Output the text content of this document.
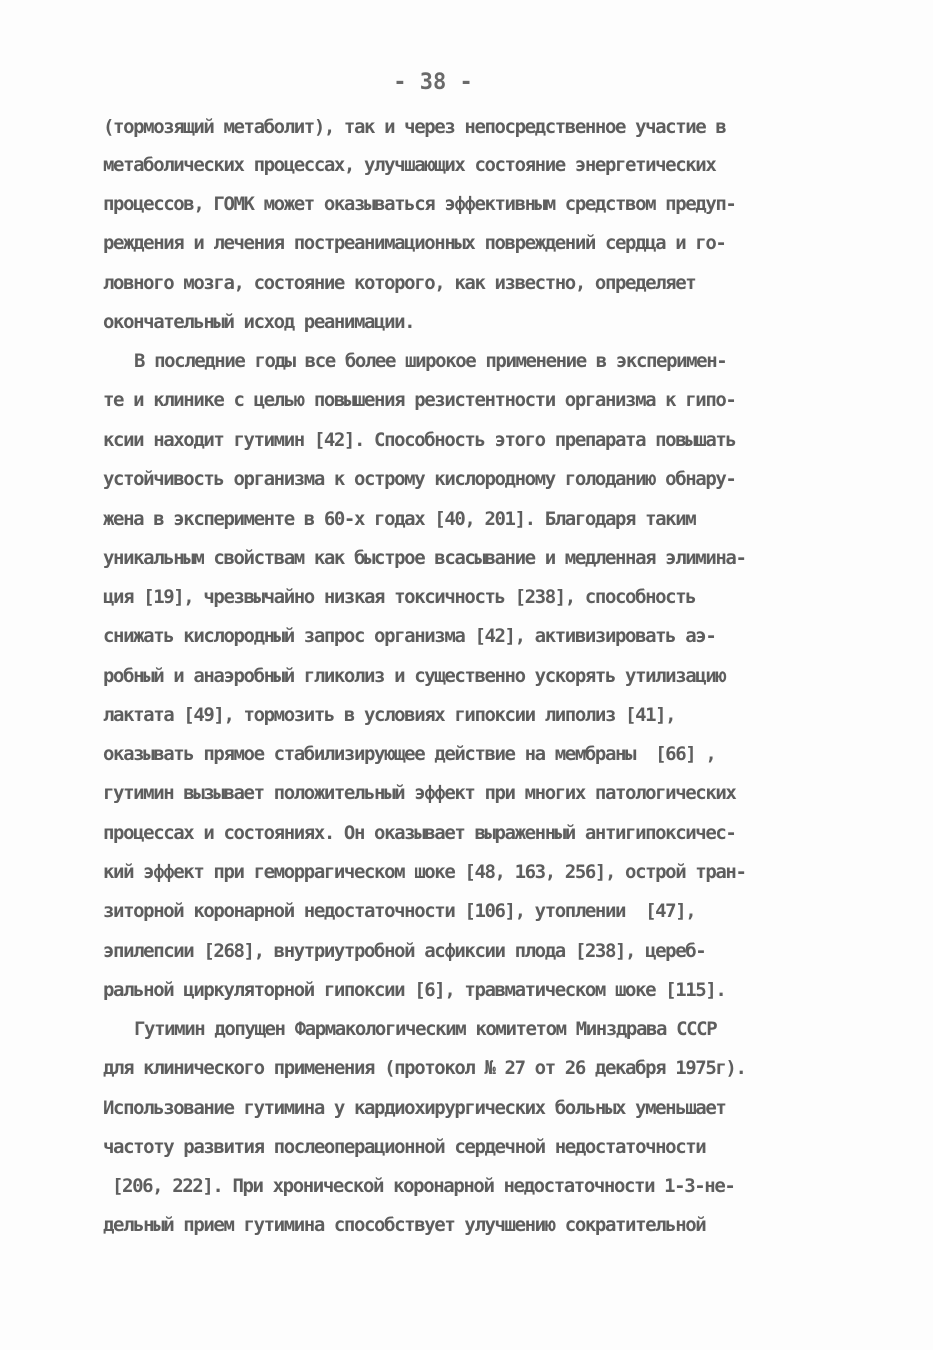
- 38 -
(тормозящий метаболит), так и через непосредственное участие в
метаболических процессах, улучшающих состояние энергетических
процессов, ГОМК может оказываться эффективным средством предуп-
реждения и лечения постреанимационных повреждений сердца и го-
ловного мозга, состояние которого, как известно, определяет
окончательный исход реанимации.
В последние годы все более широкое применение в эксперимен-
те и клинике с целью повышения резистентности организма к гипо-
ксии находит гутимин [42]. Способность этого препарата повышать
устойчивость организма к острому кислородному голоданию обнару-
жена в эксперименте в 60-х годах [40, 201]. Благодаря таким
уникальным свойствам как быстрое всасывание и медленная элимина-
ция [19], чрезвычайно низкая токсичность [238], способность
снижать кислородный запрос организма [42], активизировать аэ-
робный и анаэробный гликолиз и существенно ускорять утилизацию
лактата [49], тормозить в условиях гипоксии липолиз [41],
оказывать прямое стабилизирующее действие на мембраны  [66] ,
гутимин вызывает положительный эффект при многих патологических
процессах и состояниях. Он оказывает выраженный антигипоксичес-
кий эффект при геморрагическом шоке [48, 163, 256], острой тран-
зиторной коронарной недостаточности [106], утоплении  [47],
эпилепсии [268], внутриутробной асфиксии плода [238], цереб-
ральной циркуляторной гипоксии [6], травматическом шоке [115].
Гутимин допущен Фармакологическим комитетом Минздрава СССР
для клинического применения (протокол № 27 от 26 декабря 1975г).
Использование гутимина у кардиохирургических больных уменьшает
частоту развития послеоперационной сердечной недостаточности
[206, 222]. При хронической коронарной недостаточности 1-3-не-
дельный прием гутимина способствует улучшению сократительной
